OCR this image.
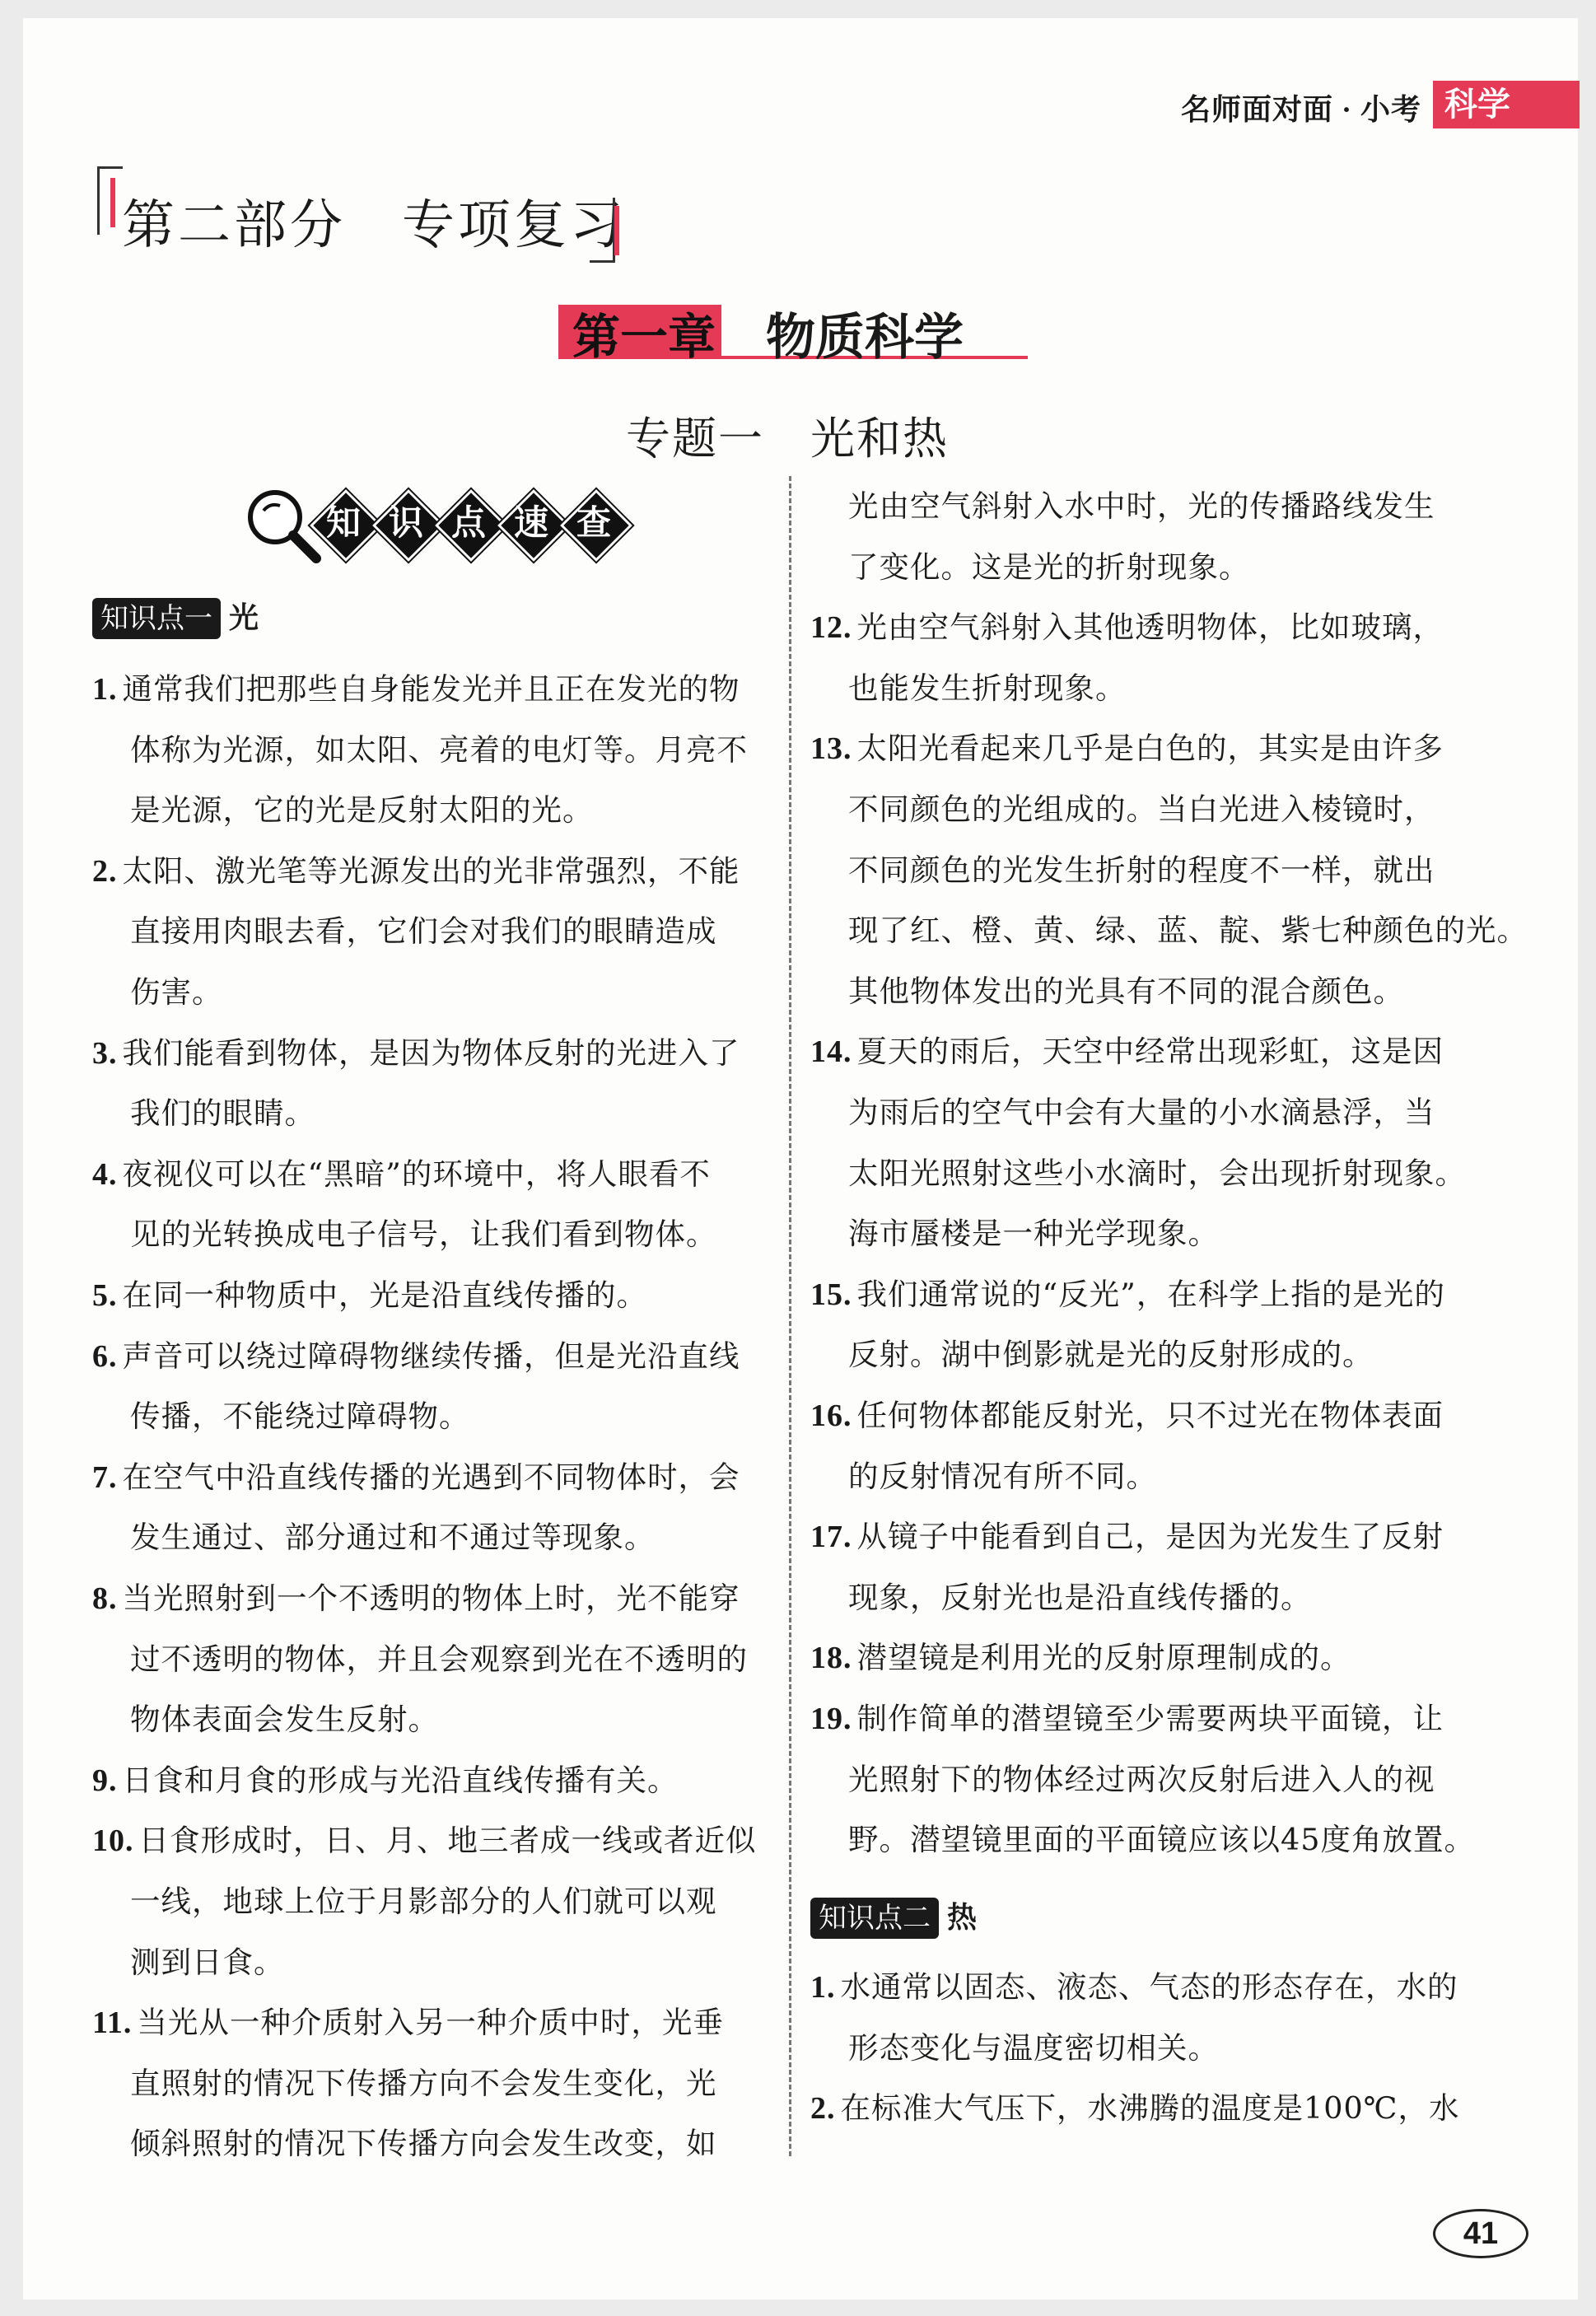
名师面对面 · 小考 科学
第二部分　专项复习
第一章 物质科学
专题一　光和热
知 识 点 速 查
知识点一 光
1. 通常我们把那些自身能发光并且正在发光的物
体称为光源，如太阳、亮着的电灯等。月亮不
是光源，它的光是反射太阳的光。
2. 太阳、激光笔等光源发出的光非常强烈，不能
直接用肉眼去看，它们会对我们的眼睛造成
伤害。
3. 我们能看到物体，是因为物体反射的光进入了
我们的眼睛。
4. 夜视仪可以在“黑暗”的环境中，将人眼看不
见的光转换成电子信号，让我们看到物体。
5. 在同一种物质中，光是沿直线传播的。
6. 声音可以绕过障碍物继续传播，但是光沿直线
传播，不能绕过障碍物。
7. 在空气中沿直线传播的光遇到不同物体时，会
发生通过、部分通过和不通过等现象。
8. 当光照射到一个不透明的物体上时，光不能穿
过不透明的物体，并且会观察到光在不透明的
物体表面会发生反射。
9. 日食和月食的形成与光沿直线传播有关。
10. 日食形成时，日、月、地三者成一线或者近似
一线，地球上位于月影部分的人们就可以观
测到日食。
11. 当光从一种介质射入另一种介质中时，光垂
直照射的情况下传播方向不会发生变化，光
倾斜照射的情况下传播方向会发生改变，如
光由空气斜射入水中时，光的传播路线发生
了变化。这是光的折射现象。
12. 光由空气斜射入其他透明物体，比如玻璃，
也能发生折射现象。
13. 太阳光看起来几乎是白色的，其实是由许多
不同颜色的光组成的。当白光进入棱镜时，
不同颜色的光发生折射的程度不一样，就出
现了红、橙、黄、绿、蓝、靛、紫七种颜色的光。
其他物体发出的光具有不同的混合颜色。
14. 夏天的雨后，天空中经常出现彩虹，这是因
为雨后的空气中会有大量的小水滴悬浮，当
太阳光照射这些小水滴时，会出现折射现象。
海市蜃楼是一种光学现象。
15. 我们通常说的“反光”，在科学上指的是光的
反射。湖中倒影就是光的反射形成的。
16. 任何物体都能反射光，只不过光在物体表面
的反射情况有所不同。
17. 从镜子中能看到自己，是因为光发生了反射
现象，反射光也是沿直线传播的。
18. 潜望镜是利用光的反射原理制成的。
19. 制作简单的潜望镜至少需要两块平面镜，让
光照射下的物体经过两次反射后进入人的视
野。潜望镜里面的平面镜应该以45度角放置。
知识点二 热
1. 水通常以固态、液态、气态的形态存在，水的
形态变化与温度密切相关。
2. 在标准大气压下，水沸腾的温度是100℃，水
41
